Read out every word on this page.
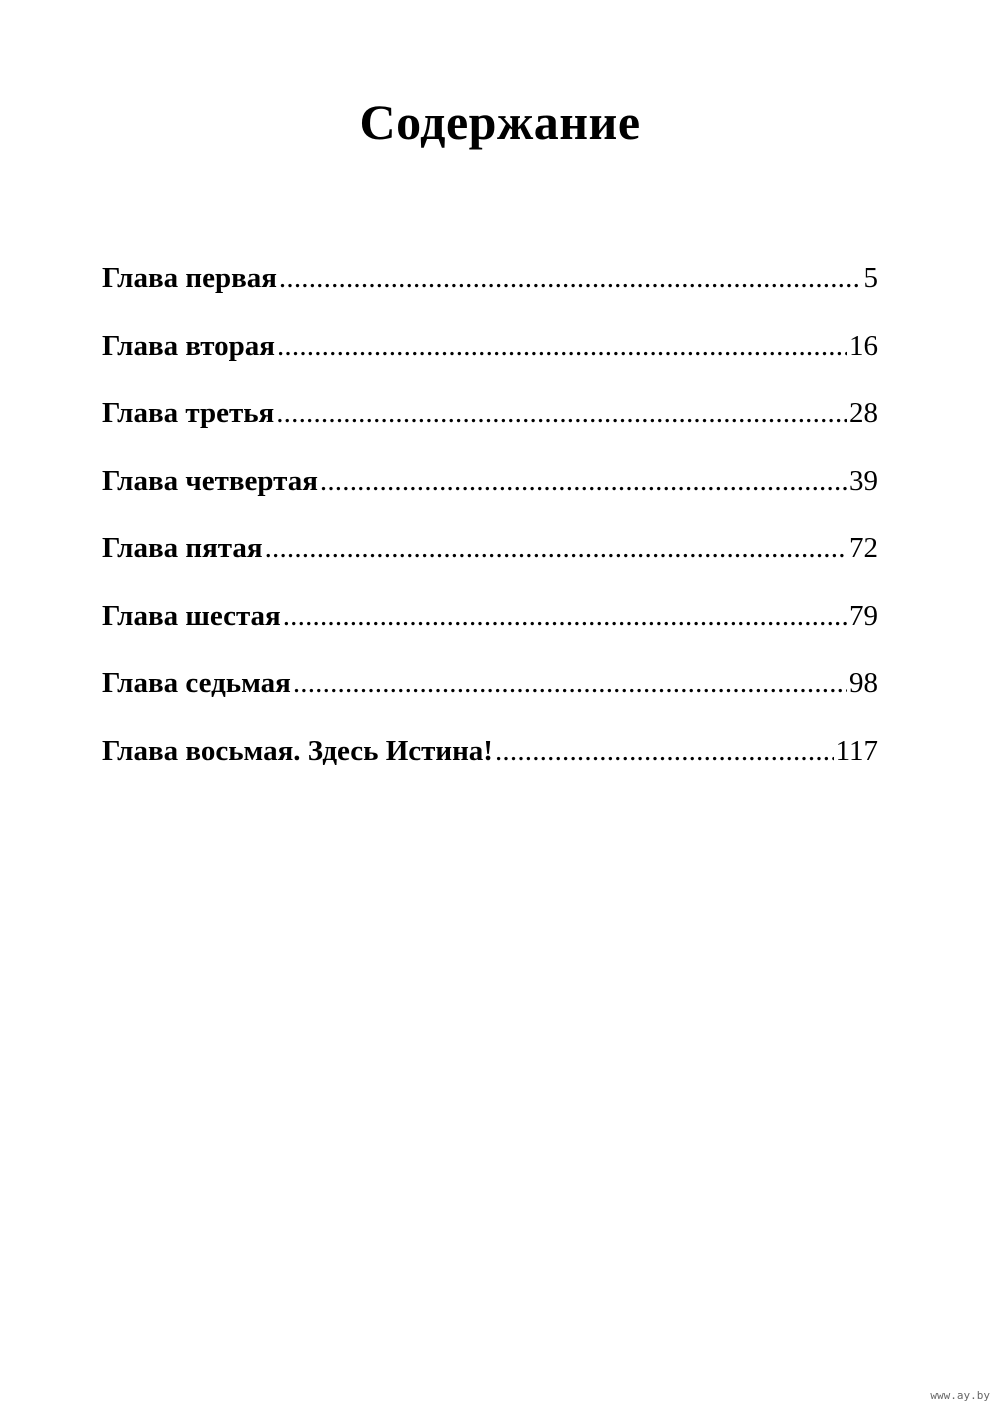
Содержание
Глава первая .....	5
Глава вторая .....	16
Глава третья .....	28
Глава четвертая .....	39
Глава пятая .....	72
Глава шестая .....	79
Глава седьмая .....	98
Глава восьмая. Здесь Истина! .....	117
www.ay.by
